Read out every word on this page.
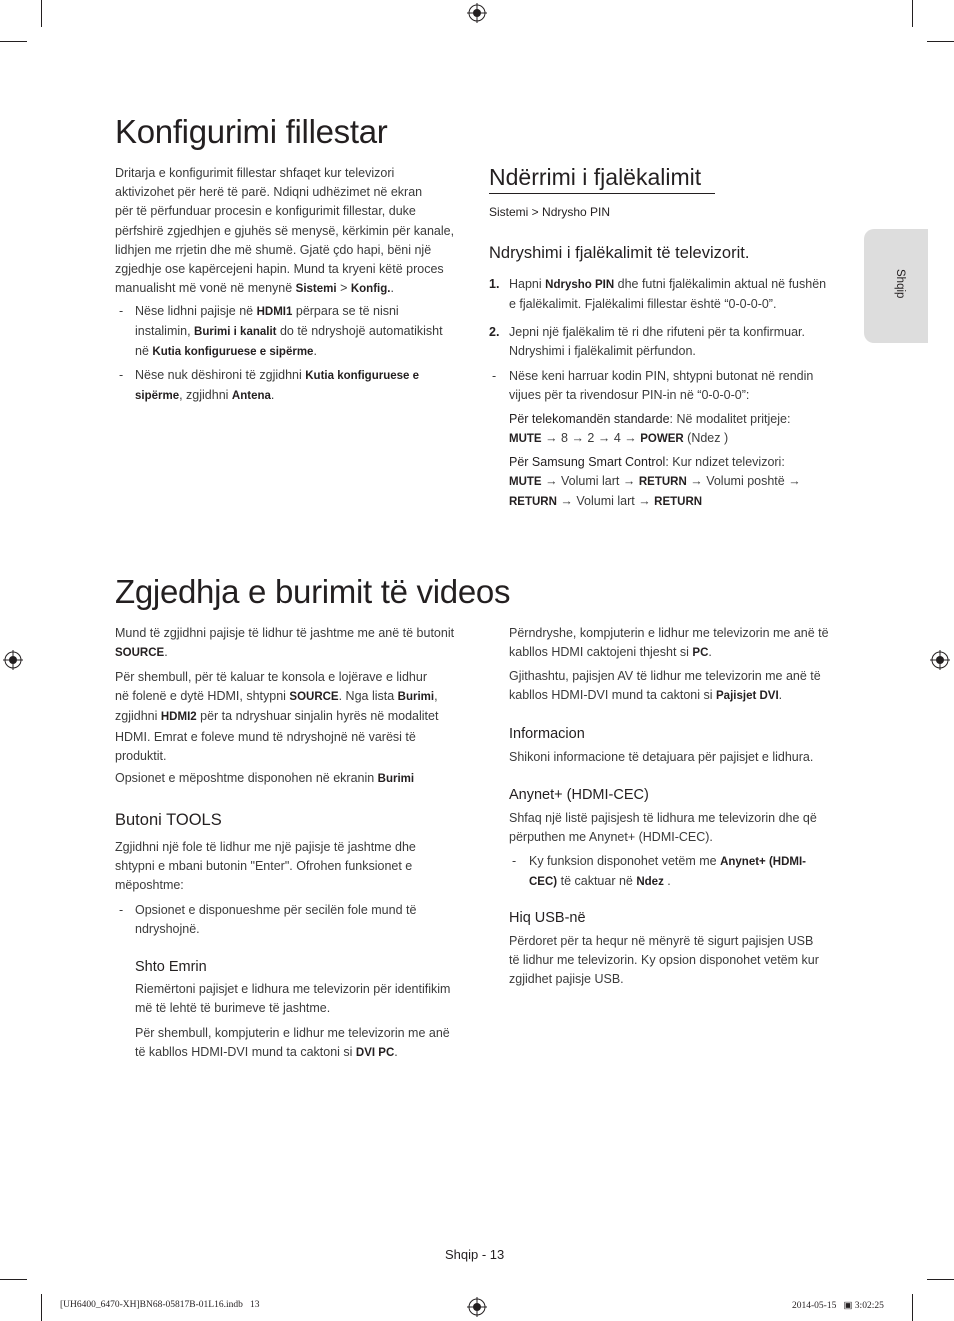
Shqip
Konfigurimi fillestar
Dritarja e konfigurimit fillestar shfaqet kur televizori
aktivizohet për herë të parë. Ndiqni udhëzimet në ekran
për të përfunduar procesin e konfigurimit fillestar, duke
përfshirë zgjedhjen e gjuhës së menysë, kërkimin për kanale,
lidhjen me rrjetin dhe më shumë. Gjatë çdo hapi, bëni një
zgjedhje ose kapërcejeni hapin. Mund ta kryeni këtë proces
manualisht më vonë në menynë Sistemi > Konfig..
- Nëse lidhni pajisje në HDMI1 përpara se të nisni
instalimin, Burimi i kanalit do të ndryshojë automatikisht
në Kutia konfiguruese e sipërme.
- Nëse nuk dëshironi të zgjidhni Kutia konfiguruese e
sipërme, zgjidhni Antena.
Ndërrimi i fjalëkalimit
Sistemi > Ndrysho PIN
Ndryshimi i fjalëkalimit të televizorit.
1. Hapni Ndrysho PIN dhe futni fjalëkalimin aktual në fushën
e fjalëkalimit. Fjalëkalimi fillestar është “0-0-0-0”.
2. Jepni një fjalëkalim të ri dhe rifuteni për ta konfirmuar.
Ndryshimi i fjalëkalimit përfundon.
- Nëse keni harruar kodin PIN, shtypni butonat në rendin
vijues për ta rivendosur PIN-in në “0-0-0-0”:
Për telekomandën standarde: Në modalitet pritjeje:
MUTE → 8 → 2 → 4 → POWER (Ndez )
Për Samsung Smart Control: Kur ndizet televizori:
MUTE → Volumi lart → RETURN → Volumi poshtë →
RETURN → Volumi lart → RETURN
Zgjedhja e burimit të videos
Mund të zgjidhni pajisje të lidhur të jashtme me anë të butonit
SOURCE.
Për shembull, për të kaluar te konsola e lojërave e lidhur
në folenë e dytë HDMI, shtypni SOURCE. Nga lista Burimi,
zgjidhni HDMI2 për ta ndryshuar sinjalin hyrës në modalitet
HDMI. Emrat e foleve mund të ndryshojnë në varësi të
produktit.
Opsionet e mëposhtme disponohen në ekranin Burimi
Butoni TOOLS
Zgjidhni një fole të lidhur me një pajisje të jashtme dhe
shtypni e mbani butonin "Enter". Ofrohen funksionet e
mëposhtme:
- Opsionet e disponueshme për secilën fole mund të
ndryshojnë.
Shto Emrin
Riemërtoni pajisjet e lidhura me televizorin për identifikim
më të lehtë të burimeve të jashtme.
Për shembull, kompjuterin e lidhur me televizorin me anë
të kabllos HDMI-DVI mund ta caktoni si DVI PC.
Përndryshe, kompjuterin e lidhur me televizorin me anë të
kabllos HDMI caktojeni thjesht si PC.
Gjithashtu, pajisjen AV të lidhur me televizorin me anë të
kabllos HDMI-DVI mund ta caktoni si Pajisjet DVI.
Informacion
Shikoni informacione të detajuara për pajisjet e lidhura.
Anynet+ (HDMI-CEC)
Shfaq një listë pajisjesh të lidhura me televizorin dhe që
përputhen me Anynet+ (HDMI-CEC).
- Ky funksion disponohet vetëm me Anynet+ (HDMI-
CEC) të caktuar në Ndez .
Hiq USB-në
Përdoret për ta hequr në mënyrë të sigurt pajisjen USB
të lidhur me televizorin. Ky opsion disponohet vetëm kur
zgjidhet pajisje USB.
Shqip - 13
[UH6400_6470-XH]BN68-05817B-01L16.indb   13	2014-05-15   ▣ 3:02:25
